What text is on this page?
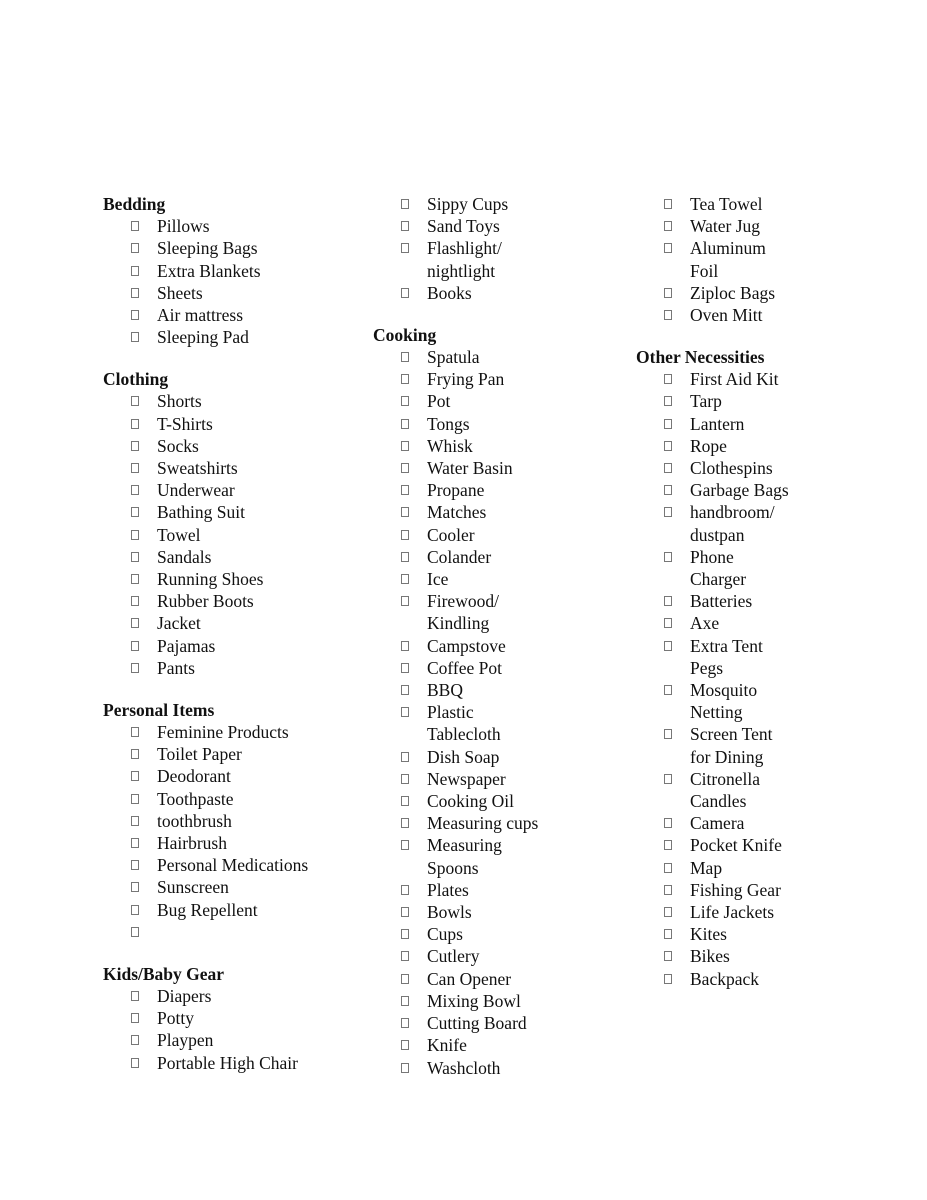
Bedding
Pillows
Sleeping Bags
Extra Blankets
Sheets
Air mattress
Sleeping Pad
Clothing
Shorts
T-Shirts
Socks
Sweatshirts
Underwear
Bathing Suit
Towel
Sandals
Running Shoes
Rubber Boots
Jacket
Pajamas
Pants
Personal Items
Feminine Products
Toilet Paper
Deodorant
Toothpaste
toothbrush
Hairbrush
Personal Medications
Sunscreen
Bug Repellent
Kids/Baby Gear
Diapers
Potty
Playpen
Portable High Chair
Sippy Cups
Sand Toys
Flashlight/
nightlight
Books
Cooking
Spatula
Frying Pan
Pot
Tongs
Whisk
Water Basin
Propane
Matches
Cooler
Colander
Ice
Firewood/
Kindling
Campstove
Coffee Pot
BBQ
Plastic
Tablecloth
Dish Soap
Newspaper
Cooking Oil
Measuring cups
Measuring
Spoons
Plates
Bowls
Cups
Cutlery
Can Opener
Mixing Bowl
Cutting Board
Knife
Washcloth
Tea Towel
Water Jug
Aluminum
Foil
Ziploc Bags
Oven Mitt
Other Necessities
First Aid Kit
Tarp
Lantern
Rope
Clothespins
Garbage Bags
handbroom/
dustpan
Phone
Charger
Batteries
Axe
Extra Tent
Pegs
Mosquito
Netting
Screen Tent
for Dining
Citronella
Candles
Camera
Pocket Knife
Map
Fishing Gear
Life Jackets
Kites
Bikes
Backpack
